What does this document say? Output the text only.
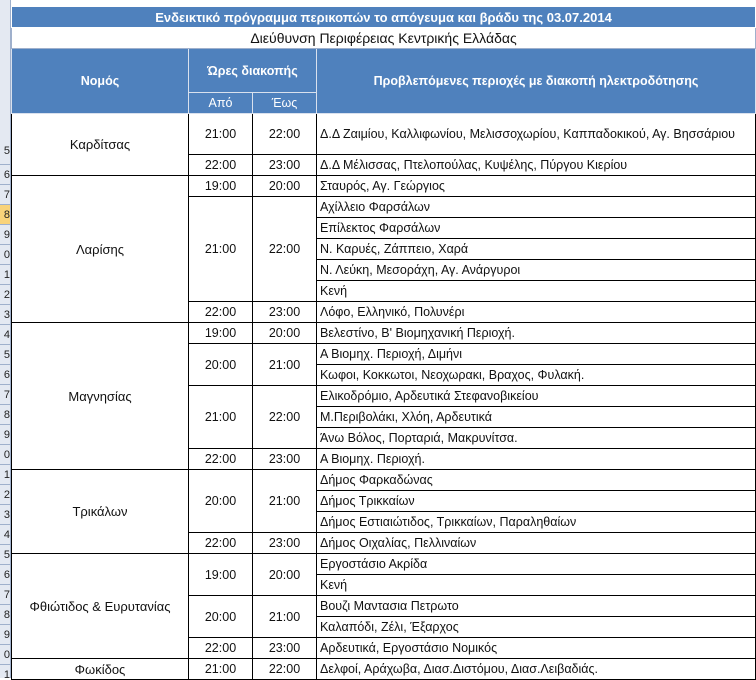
5
6
7
8
9
0
1
2
3
4
5
6
7
8
9
0
1
2
3
4
5
6
7
8
9
0
1
Ενδεικτικό πρόγραμμα περικοπών το απόγευμα και βράδυ της 03.07.2014			
Διεύθυνση Περιφέρειας Κεντρικής Ελλάδας			
Νομός	Ώρες διακοπής		Προβλεπόμενες περιοχές με διακοπή ηλεκτροδότησης
	Από	Έως	
Καρδίτσας	21:00	22:00	Δ.Δ Ζαιμίου, Καλλιφωνίου, Μελισσοχωρίου, Καππαδοκικού, Αγ. Βησσάριου
	22:00	23:00	Δ.Δ Μέλισσας, Πτελοπούλας, Κυψέλης, Πύργου Κιερίου
Λαρίσης	19:00	20:00	Σταυρός, Αγ. Γεώργιος
	21:00	22:00	Αχίλλειο Φαρσάλων
			Επίλεκτος Φαρσάλων
			Ν. Καρυές, Ζάππειο, Χαρά
			Ν. Λεύκη, Μεσοράχη, Αγ. Ανάργυροι
			Κενή
	22:00	23:00	Λόφο, Ελληνικό, Πολυνέρι
Μαγνησίας	19:00	20:00	Βελεστίνο, Β' Βιομηχανική Περιοχή.
	20:00	21:00	Α Βιομηχ. Περιοχή, Διμήνι
			Κωφοι, Κοκκωτοι, Νεοχωρακι, Βραχος, Φυλακή.
	21:00	22:00	Ελικοδρόμιο, Αρδευτικά Στεφανοβικείου
			Μ.Περιβολάκι, Χλόη, Αρδευτικά
			Άνω Βόλος, Πορταριά, Μακρυνίτσα.
	22:00	23:00	Α Βιομηχ. Περιοχή.
Τρικάλων	20:00	21:00	Δήμος Φαρκαδώνας
			Δήμος Τρικκαίων
			Δήμος Εστιαιώτιδος, Τρικκαίων, Παραληθαίων
	22:00	23:00	Δήμος Οιχαλίας, Πελλιναίων
Φθιώτιδος & Ευρυτανίας	19:00	20:00	Εργοστάσιο Ακρίδα
			Κενή
	20:00	21:00	Βουζι Μαντασια Πετρωτο
			Καλαπόδι, Ζέλι, Έξαρχος
	22:00	23:00	Αρδευτικά, Εργοστάσιο Νομικός
Φωκίδος	21:00	22:00	Δελφοί, Αράχωβα, Διασ.Διστόμου, Διασ.Λειβαδιάς.
